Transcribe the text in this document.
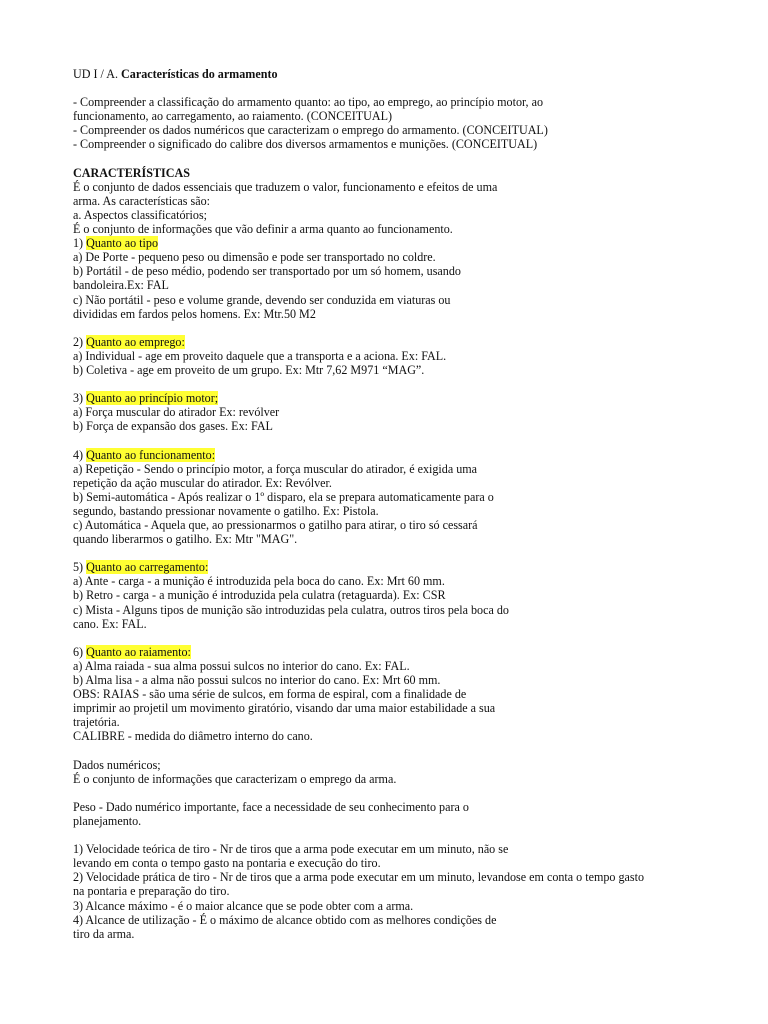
UD I / A. Características do armamento
- Compreender a classificação do armamento quanto: ao tipo, ao emprego, ao princípio motor, ao
funcionamento, ao carregamento, ao raiamento. (CONCEITUAL)
- Compreender os dados numéricos que caracterizam o emprego do armamento. (CONCEITUAL)
- Compreender o significado do calibre dos diversos armamentos e munições. (CONCEITUAL)
CARACTERÍSTICAS
É o conjunto de dados essenciais que traduzem o valor, funcionamento e efeitos de uma
arma. As características são:
a. Aspectos classificatórios;
É o conjunto de informações que vão definir a arma quanto ao funcionamento.
1) Quanto ao tipo
a) De Porte - pequeno peso ou dimensão e pode ser transportado no coldre.
b) Portátil - de peso médio, podendo ser transportado por um só homem, usando
bandoleira.Ex: FAL
c) Não portátil - peso e volume grande, devendo ser conduzida em viaturas ou
divididas em fardos pelos homens. Ex: Mtr.50 M2
2) Quanto ao emprego:
a) Individual - age em proveito daquele que a transporta e a aciona. Ex: FAL.
b) Coletiva - age em proveito de um grupo. Ex: Mtr 7,62 M971 “MAG”.
3) Quanto ao princípio motor;
a) Força muscular do atirador Ex: revólver
b) Força de expansão dos gases. Ex: FAL
4) Quanto ao funcionamento:
a) Repetição - Sendo o princípio motor, a força muscular do atirador, é exigida uma
repetição da ação muscular do atirador. Ex: Revólver.
b) Semi-automática - Após realizar o 1º disparo, ela se prepara automaticamente para o
segundo, bastando pressionar novamente o gatilho. Ex: Pistola.
c) Automática - Aquela que, ao pressionarmos o gatilho para atirar, o tiro só cessará
quando liberarmos o gatilho. Ex: Mtr "MAG".
5) Quanto ao carregamento:
a) Ante - carga - a munição é introduzida pela boca do cano. Ex: Mrt 60 mm.
b) Retro - carga - a munição é introduzida pela culatra (retaguarda). Ex: CSR
c) Mista - Alguns tipos de munição são introduzidas pela culatra, outros tiros pela boca do
cano. Ex: FAL.
6) Quanto ao raiamento:
a) Alma raiada - sua alma possui sulcos no interior do cano. Ex: FAL.
b) Alma lisa - a alma não possui sulcos no interior do cano. Ex: Mrt 60 mm.
OBS: RAIAS - são uma série de sulcos, em forma de espiral, com a finalidade de
imprimir ao projetil um movimento giratório, visando dar uma maior estabilidade a sua
trajetória.
CALIBRE - medida do diâmetro interno do cano.
Dados numéricos;
É o conjunto de informações que caracterizam o emprego da arma.
Peso - Dado numérico importante, face a necessidade de seu conhecimento para o
planejamento.
1) Velocidade teórica de tiro - Nr de tiros que a arma pode executar em um minuto, não se
levando em conta o tempo gasto na pontaria e execução do tiro.
2) Velocidade prática de tiro - Nr de tiros que a arma pode executar em um minuto, levandose em conta o tempo gasto
na pontaria e preparação do tiro.
3) Alcance máximo - é o maior alcance que se pode obter com a arma.
4) Alcance de utilização - É o máximo de alcance obtido com as melhores condições de
tiro da arma.
